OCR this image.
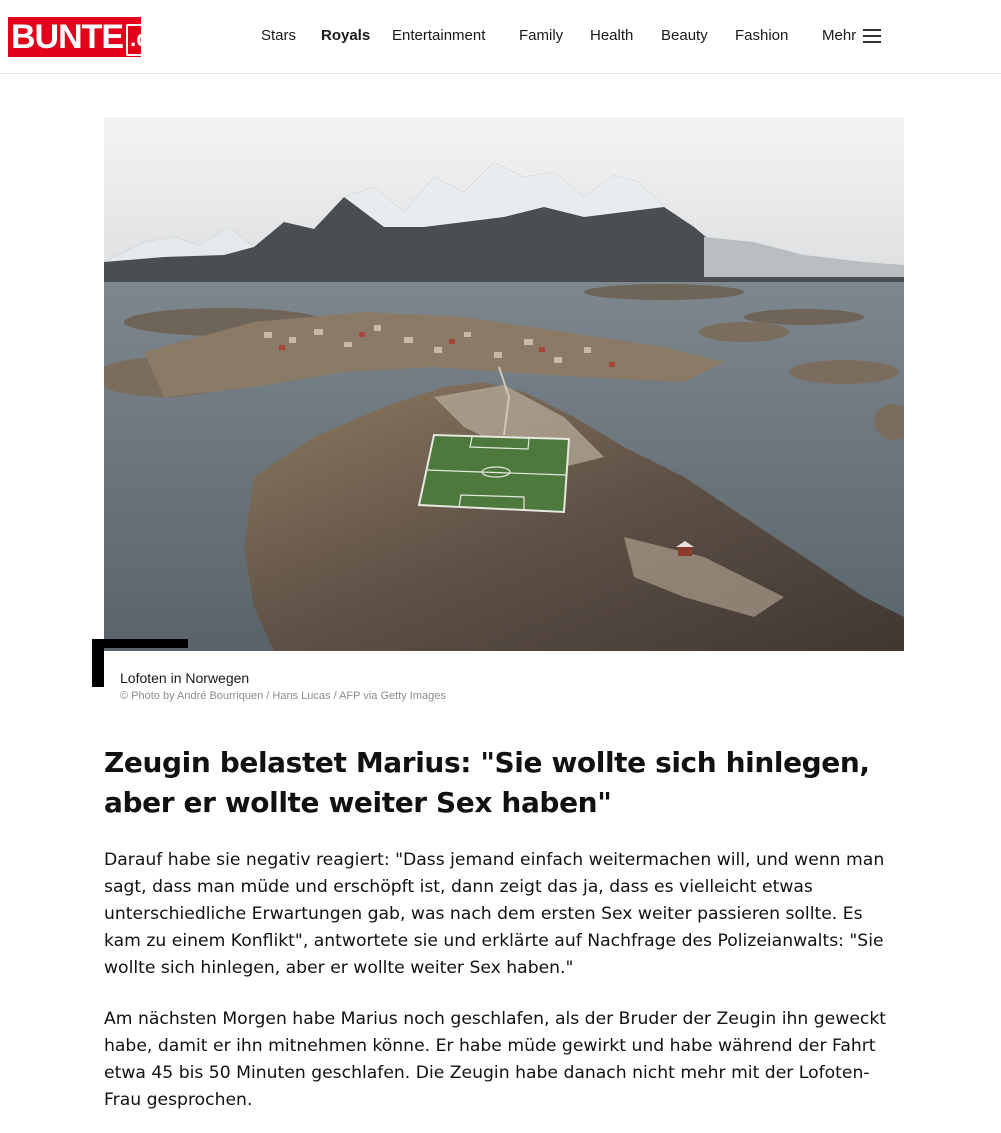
BUNTE .de	Stars Royals Entertainment Family Health Beauty Fashion Mehr
Lofoten in Norwegen
© Photo by André Bourriquen / Hans Lucas / AFP via Getty Images
Zeugin belastet Marius: "Sie wollte sich hinlegen, aber er wollte weiter Sex haben"

Darauf habe sie negativ reagiert: "Dass jemand einfach weitermachen will, und wenn man sagt, dass man müde und erschöpft ist, dann zeigt das ja, dass es vielleicht etwas unterschiedliche Erwartungen gab, was nach dem ersten Sex weiter passieren sollte. Es kam zu einem Konflikt", antwortete sie und erklärte auf Nachfrage des Polizeianwalts: "Sie wollte sich hinlegen, aber er wollte weiter Sex haben."

Am nächsten Morgen habe Marius noch geschlafen, als der Bruder der Zeugin ihn geweckt habe, damit er ihn mitnehmen könne. Er habe müde gewirkt und habe während der Fahrt etwa 45 bis 50 Minuten geschlafen. Die Zeugin habe danach nicht mehr mit der Lofoten-Frau gesprochen.
